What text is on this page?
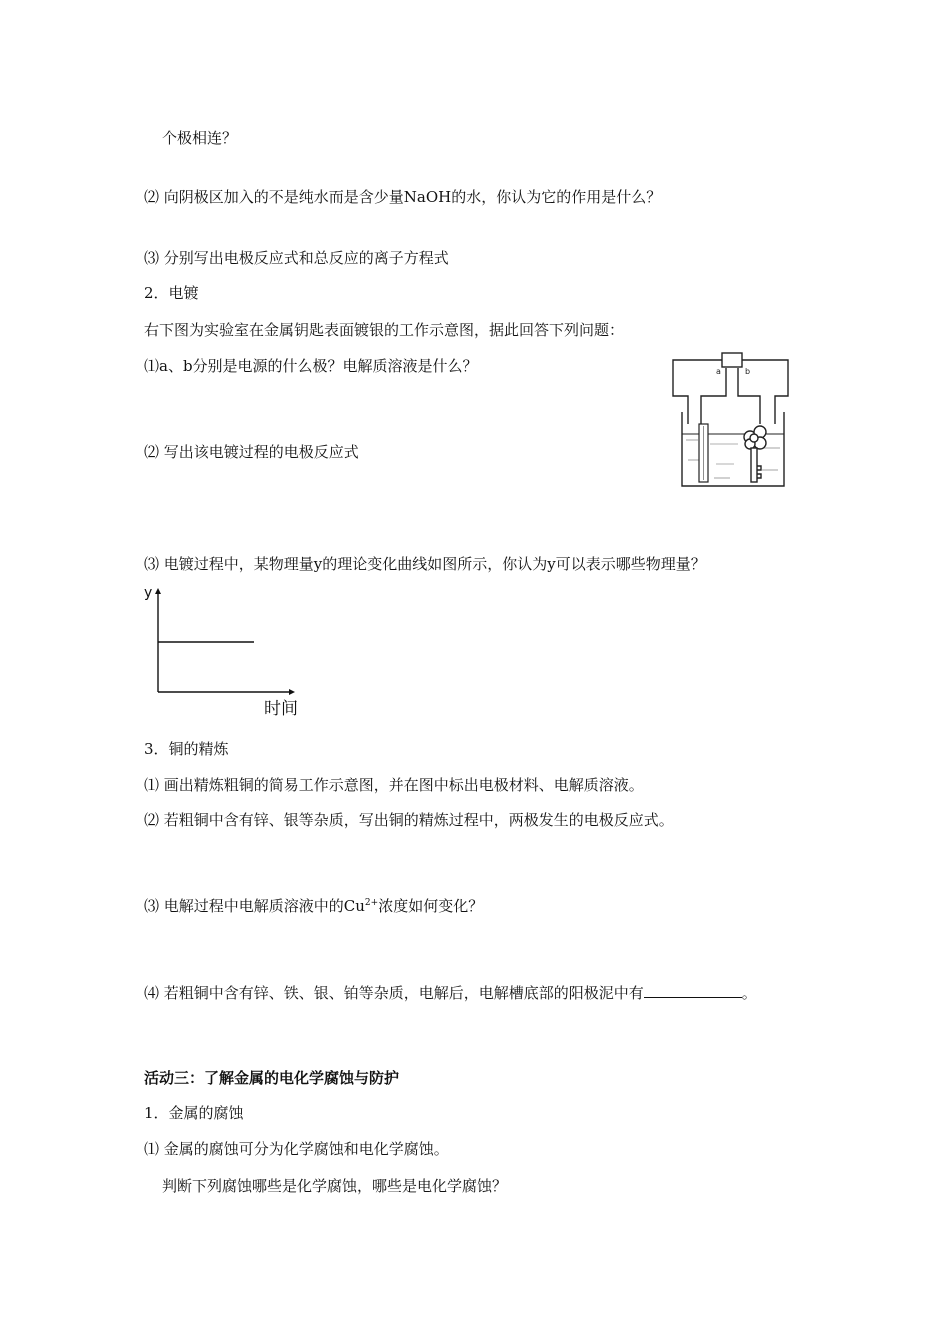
个极相连？
⑵ 向阴极区加入的不是纯水而是含少量NaOH的水，你认为它的作用是什么？
⑶ 分别写出电极反应式和总反应的离子方程式
2．电镀
右下图为实验室在金属钥匙表面镀银的工作示意图，据此回答下列问题：
⑴a、b分别是电源的什么极？电解质溶液是什么？
⑵ 写出该电镀过程的电极反应式
a	b
⑶ 电镀过程中，某物理量y的理论变化曲线如图所示，你认为y可以表示哪些物理量？
y
时间
3．铜的精炼
⑴ 画出精炼粗铜的简易工作示意图，并在图中标出电极材料、电解质溶液。
⑵ 若粗铜中含有锌、银等杂质，写出铜的精炼过程中，两极发生的电极反应式。
⑶ 电解过程中电解质溶液中的$Cu^{2+}$浓度如何变化？
⑷ 若粗铜中含有锌、铁、银、铂等杂质，电解后，电解槽底部的阳极泥中有	。
活动三：了解金属的电化学腐蚀与防护
1．金属的腐蚀
⑴ 金属的腐蚀可分为化学腐蚀和电化学腐蚀。
判断下列腐蚀哪些是化学腐蚀，哪些是电化学腐蚀？
